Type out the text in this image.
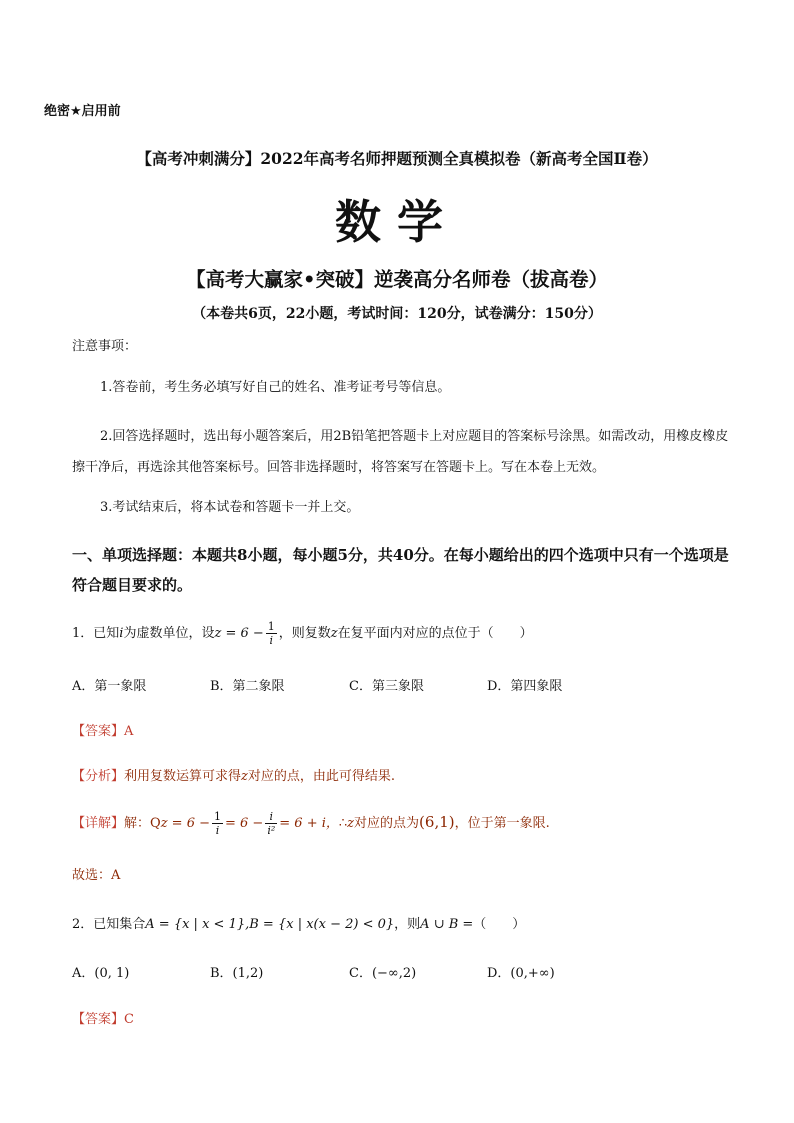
绝密★启用前
【高考冲刺满分】2022年高考名师押题预测全真模拟卷（新高考全国Ⅱ卷）
数学
【高考大赢家•突破】逆袭高分名师卷（拔高卷）
（本卷共6页，22小题，考试时间：120分，试卷满分：150分）
注意事项：
1.答卷前，考生务必填写好自己的姓名、准考证考号等信息。
2.回答选择题时，选出每小题答案后，用2B铅笔把答题卡上对应题目的答案标号涂黑。如需改动，用橡皮橡皮擦干净后，再选涂其他答案标号。回答非选择题时，将答案写在答题卡上。写在本卷上无效。
3.考试结束后，将本试卷和答题卡一并上交。
一、单项选择题：本题共8小题，每小题5分，共40分。在每小题给出的四个选项中只有一个选项是符合题目要求的。
1．已知i为虚数单位，设$z = 6 - \frac{1}{i}$ ，则复数z在复平面内对应的点位于（　　）
A．第一象限	B．第二象限	C．第三象限	D．第四象限
【答案】A
【分析】利用复数运算可求得z对应的点，由此可得结果.
【详解】解：$Qz = 6 - \frac{1}{i} = 6 - \frac{i}{\text{i²}} = 6 + i$，∴z对应的点为(6,1)，位于第一象限.
故选：A
2．已知集合A = {x | x < 1},B = {x | x(x − 2) < 0}，则A ∪ B =（　　）
A．(0, 1)	B．(1,2)	C．(−∞,2)	D．(0,+∞)
【答案】C
